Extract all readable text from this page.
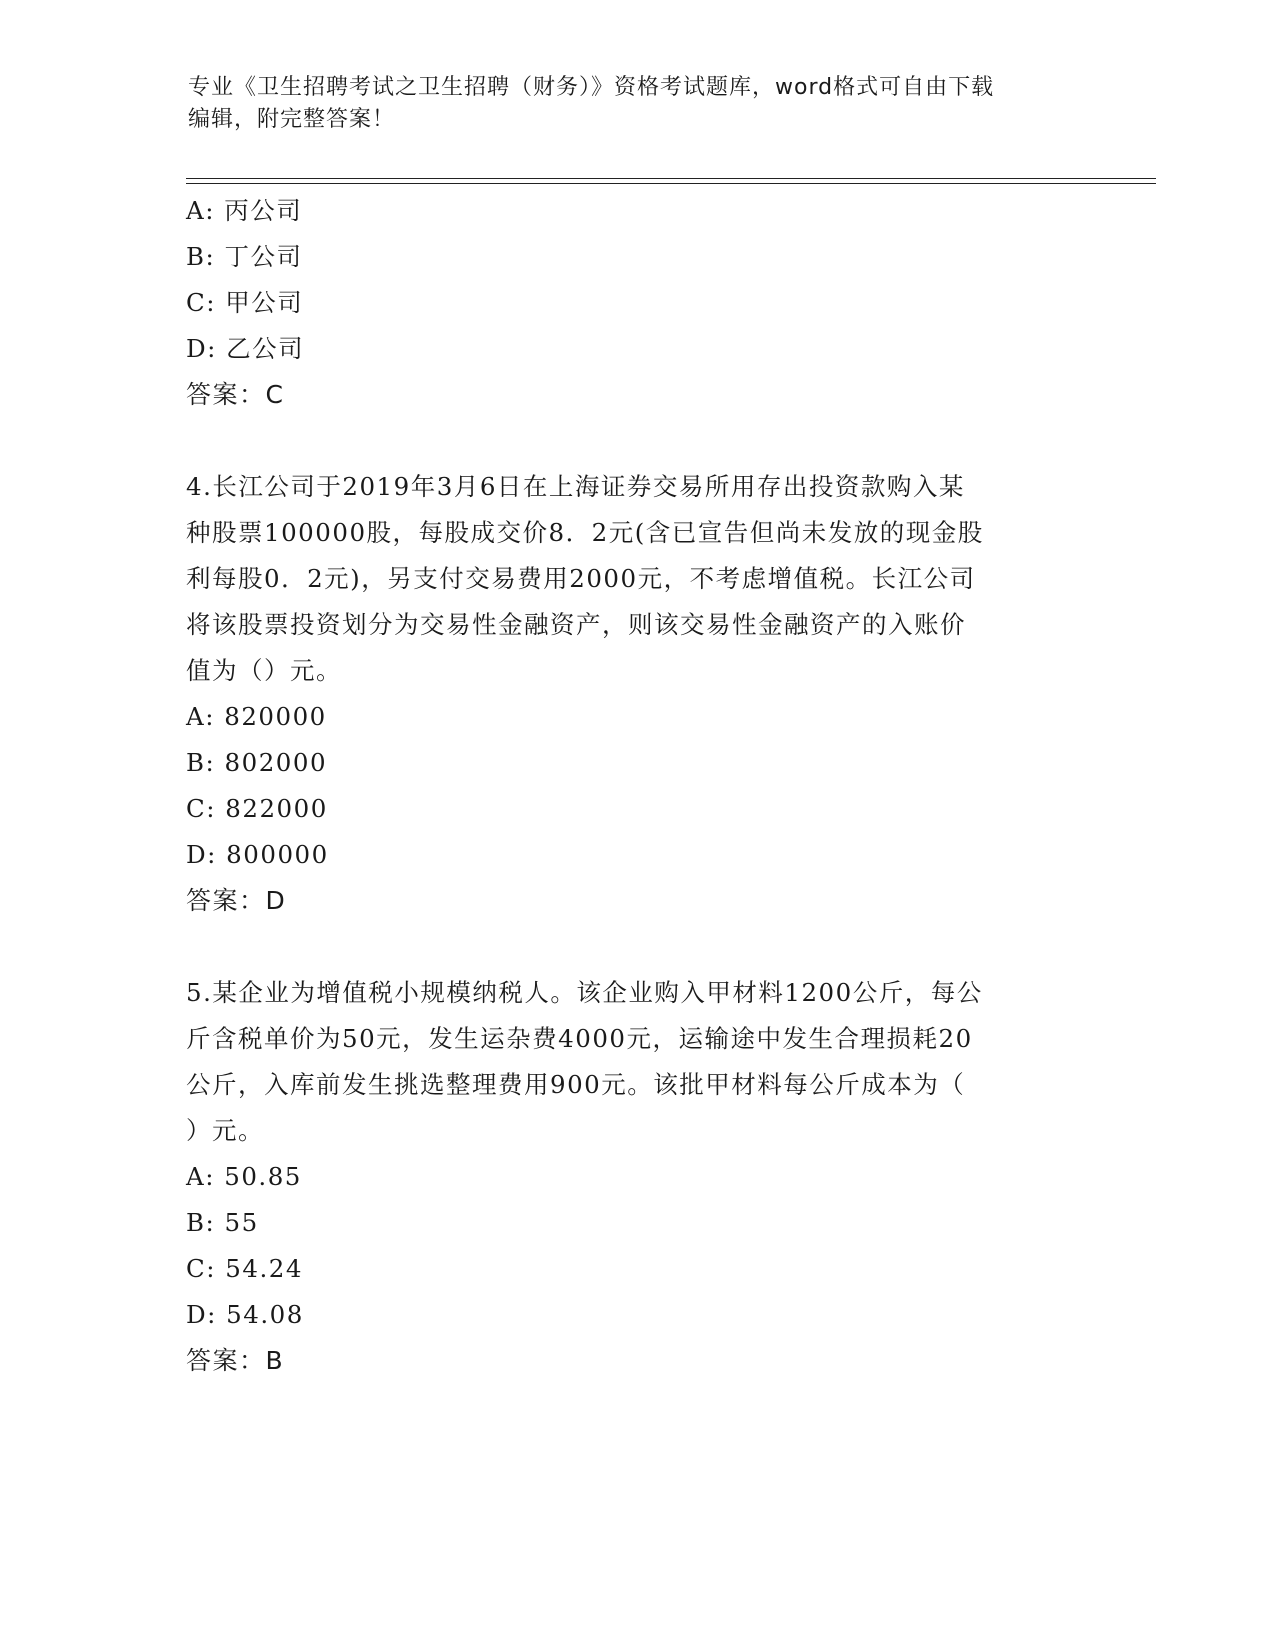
专业《卫生招聘考试之卫生招聘（财务）》资格考试题库，word格式可自由下载
编辑，附完整答案！
A: 丙公司
B: 丁公司
C: 甲公司
D: 乙公司
答案：C
4.长江公司于2019年3月6日在上海证券交易所用存出投资款购入某
种股票100000股，每股成交价8．2元(含已宣告但尚未发放的现金股
利每股0．2元)，另支付交易费用2000元，不考虑增值税。长江公司
将该股票投资划分为交易性金融资产，则该交易性金融资产的入账价
值为（）元。
A: 820000
B: 802000
C: 822000
D: 800000
答案：D
5.某企业为增值税小规模纳税人。该企业购入甲材料1200公斤，每公
斤含税单价为50元，发生运杂费4000元，运输途中发生合理损耗20
公斤，入库前发生挑选整理费用900元。该批甲材料每公斤成本为（
）元。
A: 50.85
B: 55
C: 54.24
D: 54.08
答案：B
